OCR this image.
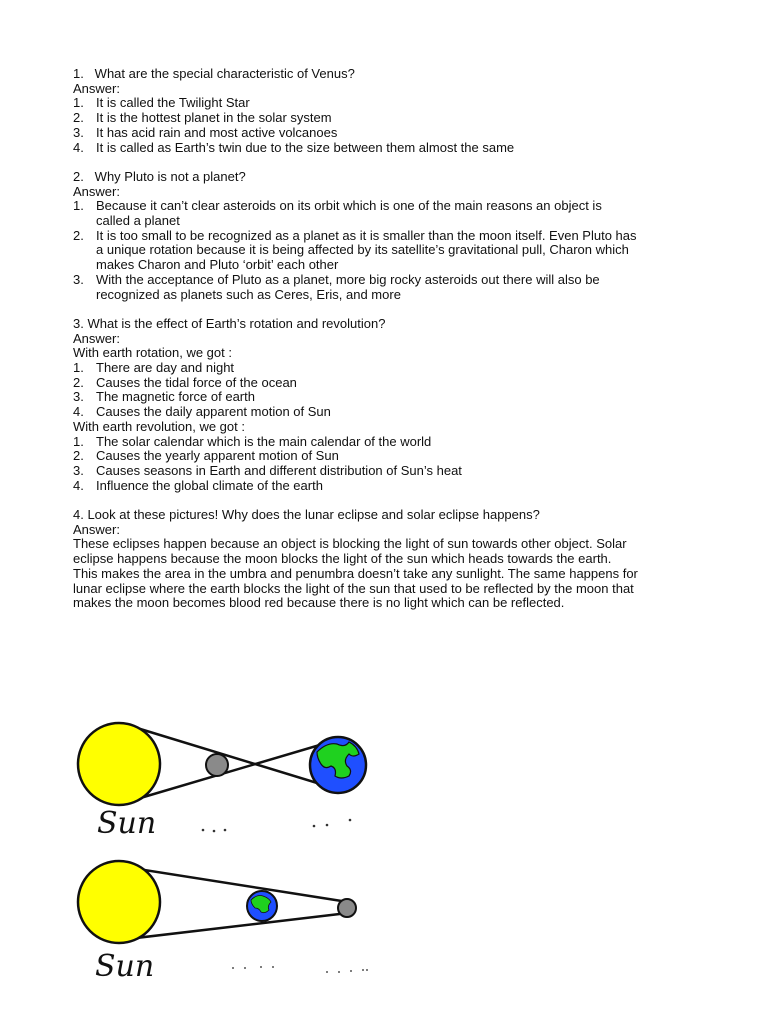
1.   What are the special characteristic of Venus?
Answer:
1. It is called the Twilight Star
2. It is the hottest planet in the solar system
3. It has acid rain and most active volcanoes
4. It is called as Earth’s twin due to the size between them almost the same
2.   Why Pluto is not a planet?
Answer:
1. Because it can’t clear asteroids on its orbit which is one of the main reasons an object is
called a planet
2. It is too small to be recognized as a planet as it is smaller than the moon itself. Even Pluto has
a unique rotation because it is being affected by its satellite’s gravitational pull, Charon which
makes Charon and Pluto ‘orbit’ each other
3. With the acceptance of Pluto as a planet, more big rocky asteroids out there will also be
recognized as planets such as Ceres, Eris, and more
3. What is the effect of Earth’s rotation and revolution?
Answer:
With earth rotation, we got :
1. There are day and night
2. Causes the tidal force of the ocean
3. The magnetic force of earth
4. Causes the daily apparent motion of Sun
With earth revolution, we got :
1. The solar calendar which is the main calendar of the world
2. Causes the yearly apparent motion of Sun
3. Causes seasons in Earth and different distribution of Sun’s heat
4. Influence the global climate of the earth
4. Look at these pictures! Why does the lunar eclipse and solar eclipse happens?
Answer:
These eclipses happen because an object is blocking the light of sun towards other object. Solar
eclipse happens because the moon blocks the light of the sun which heads towards the earth.
This makes the area in the umbra and penumbra doesn’t take any sunlight. The same happens for
lunar eclipse where the earth blocks the light of the sun that used to be reflected by the moon that
makes the moon becomes blood red because there is no light which can be reflected.
Sun
Sun
